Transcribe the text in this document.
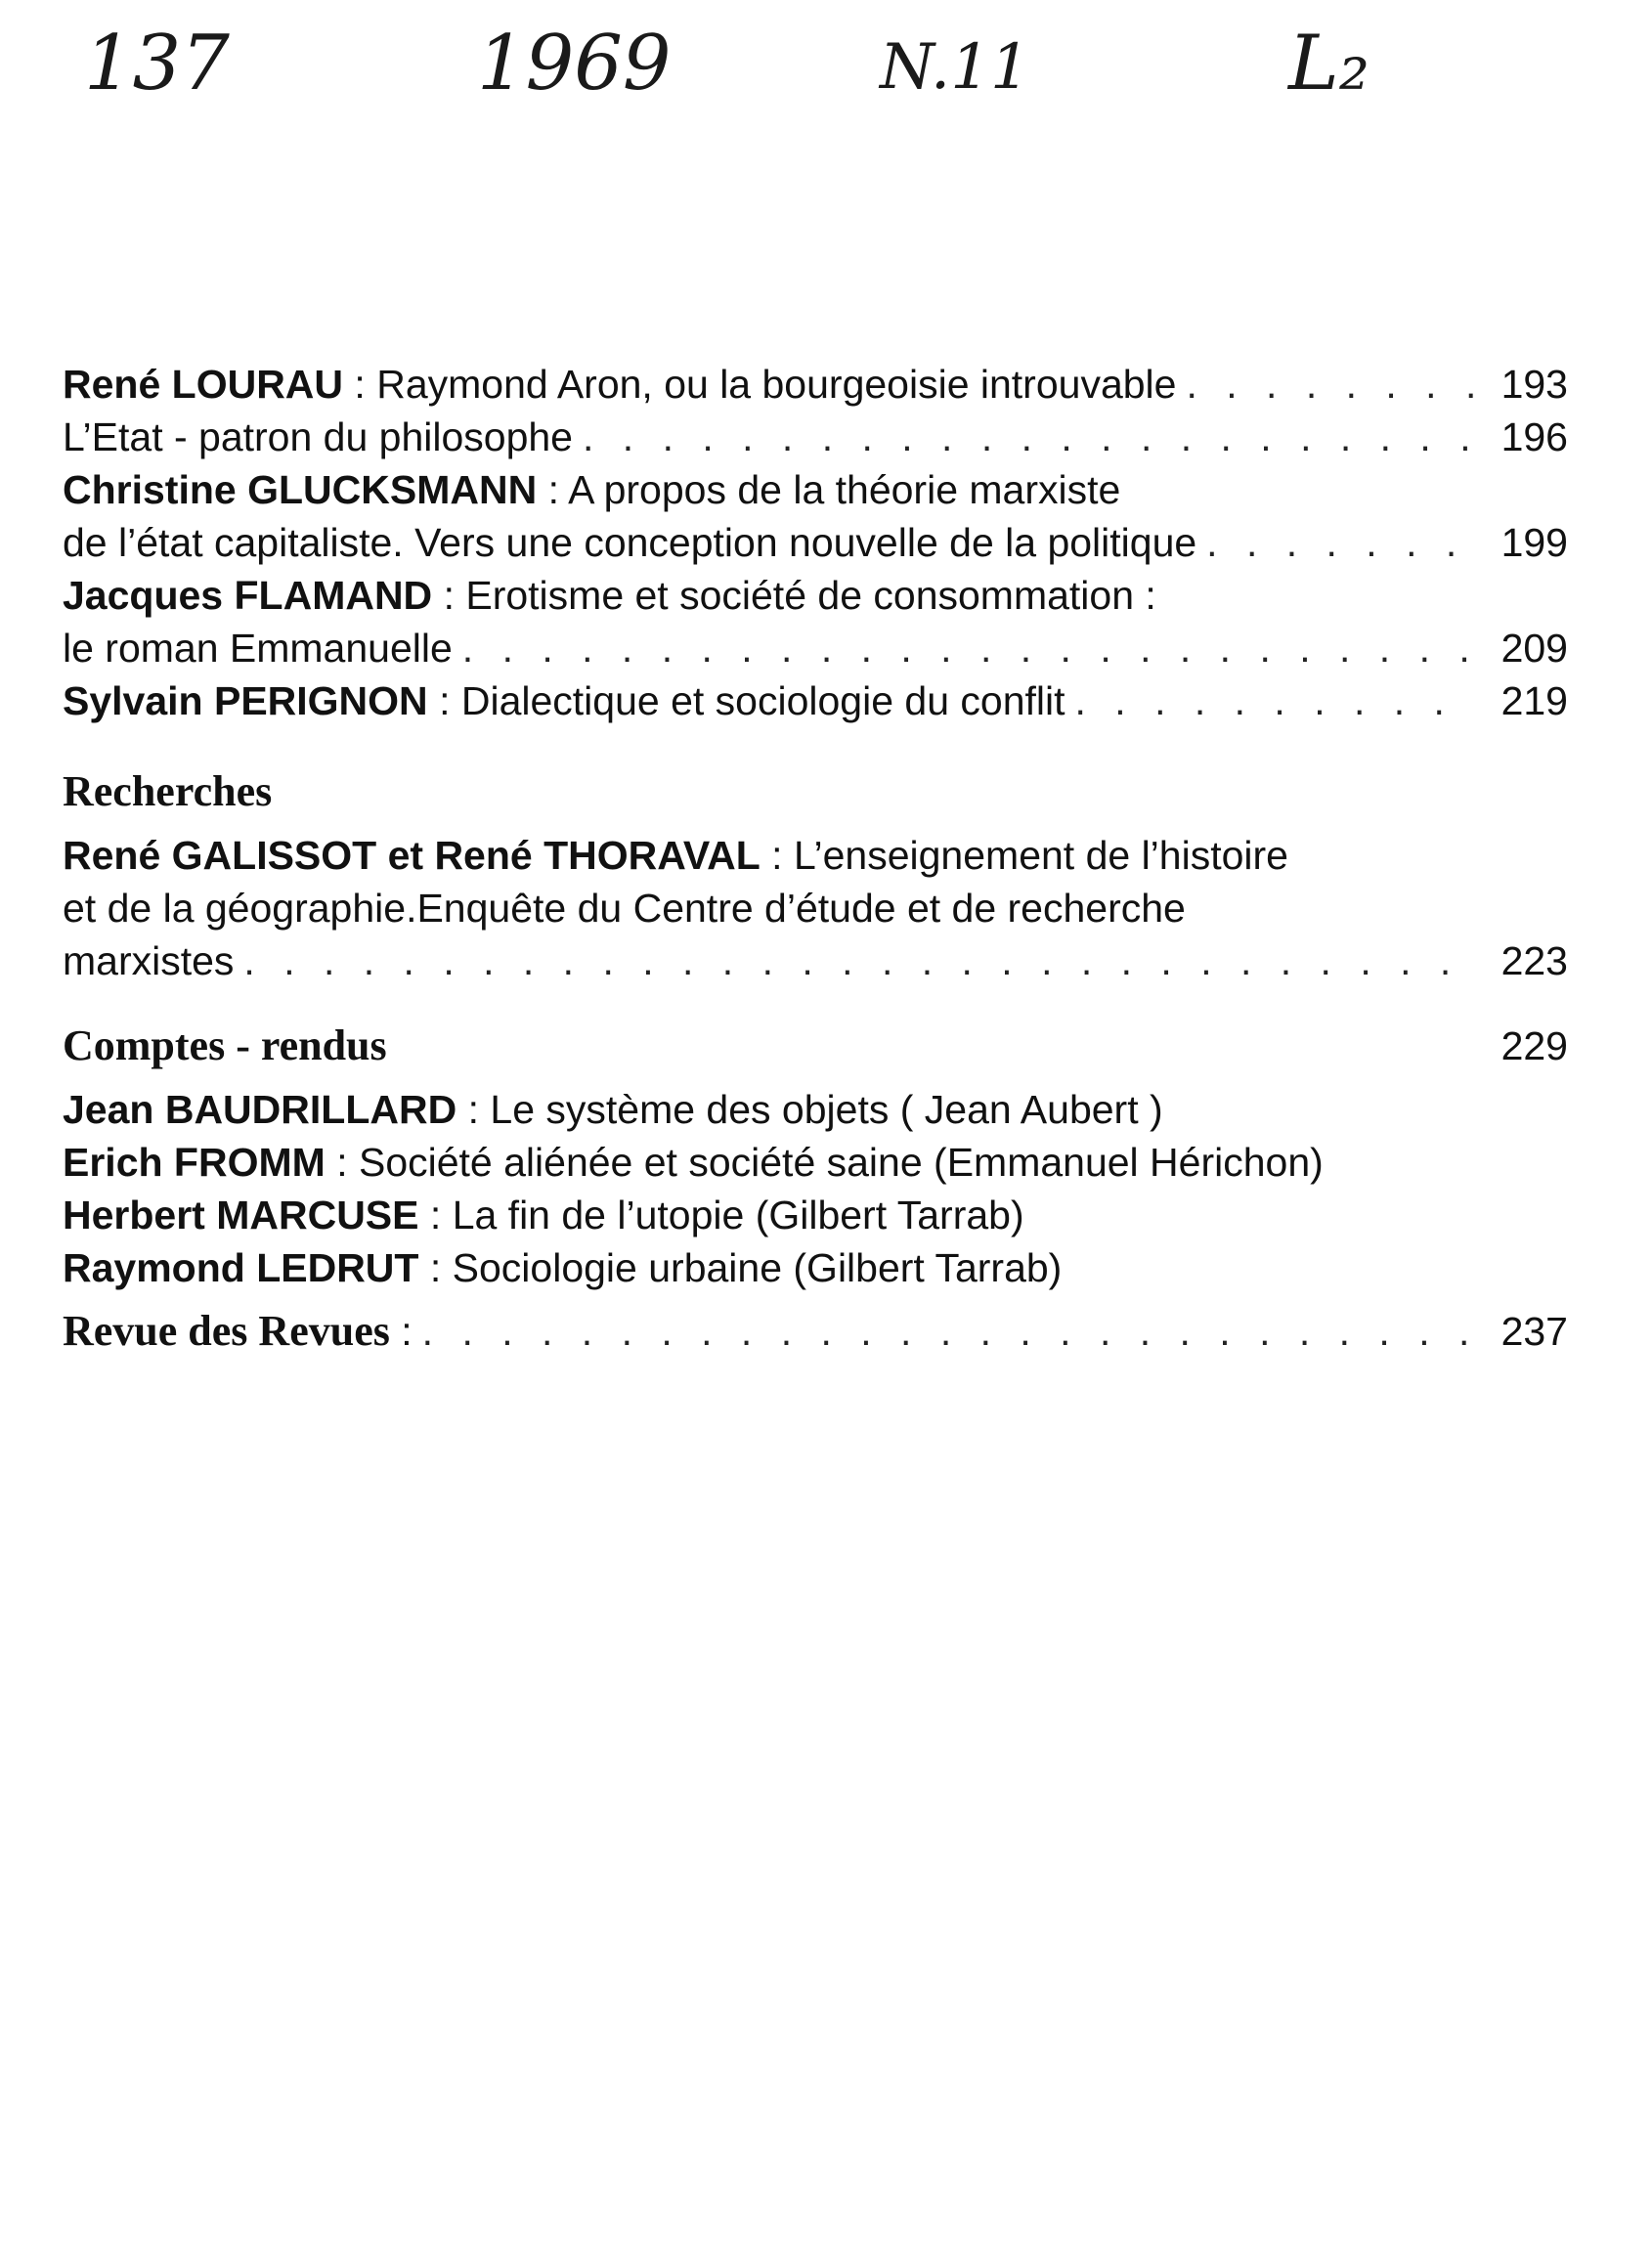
137	1969	N.11	L₂
René LOURAU : Raymond Aron, ou la bourgeoisie introuvable . . .	193
L’Etat - patron du philosophe . . .	196
Christine GLUCKSMANN : A propos de la théorie marxiste
de l’état capitaliste. Vers une conception nouvelle de la politique . . .	199
Jacques FLAMAND : Erotisme et société de consommation :
le roman Emmanuelle . . .	209
Sylvain PERIGNON : Dialectique et sociologie du conflit . . .	219
Recherches
René GALISSOT et René THORAVAL : L’enseignement de l’histoire
et de la géographie.Enquête du Centre d’étude et de recherche
marxistes . . .	223
Comptes - rendus	229
Jean BAUDRILLARD : Le système des objets ( Jean Aubert )
Erich FROMM : Société aliénée et société saine (Emmanuel Hérichon)
Herbert MARCUSE : La fin de l’utopie (Gilbert Tarrab)
Raymond LEDRUT : Sociologie urbaine (Gilbert Tarrab)
Revue des Revues : . . .	237
